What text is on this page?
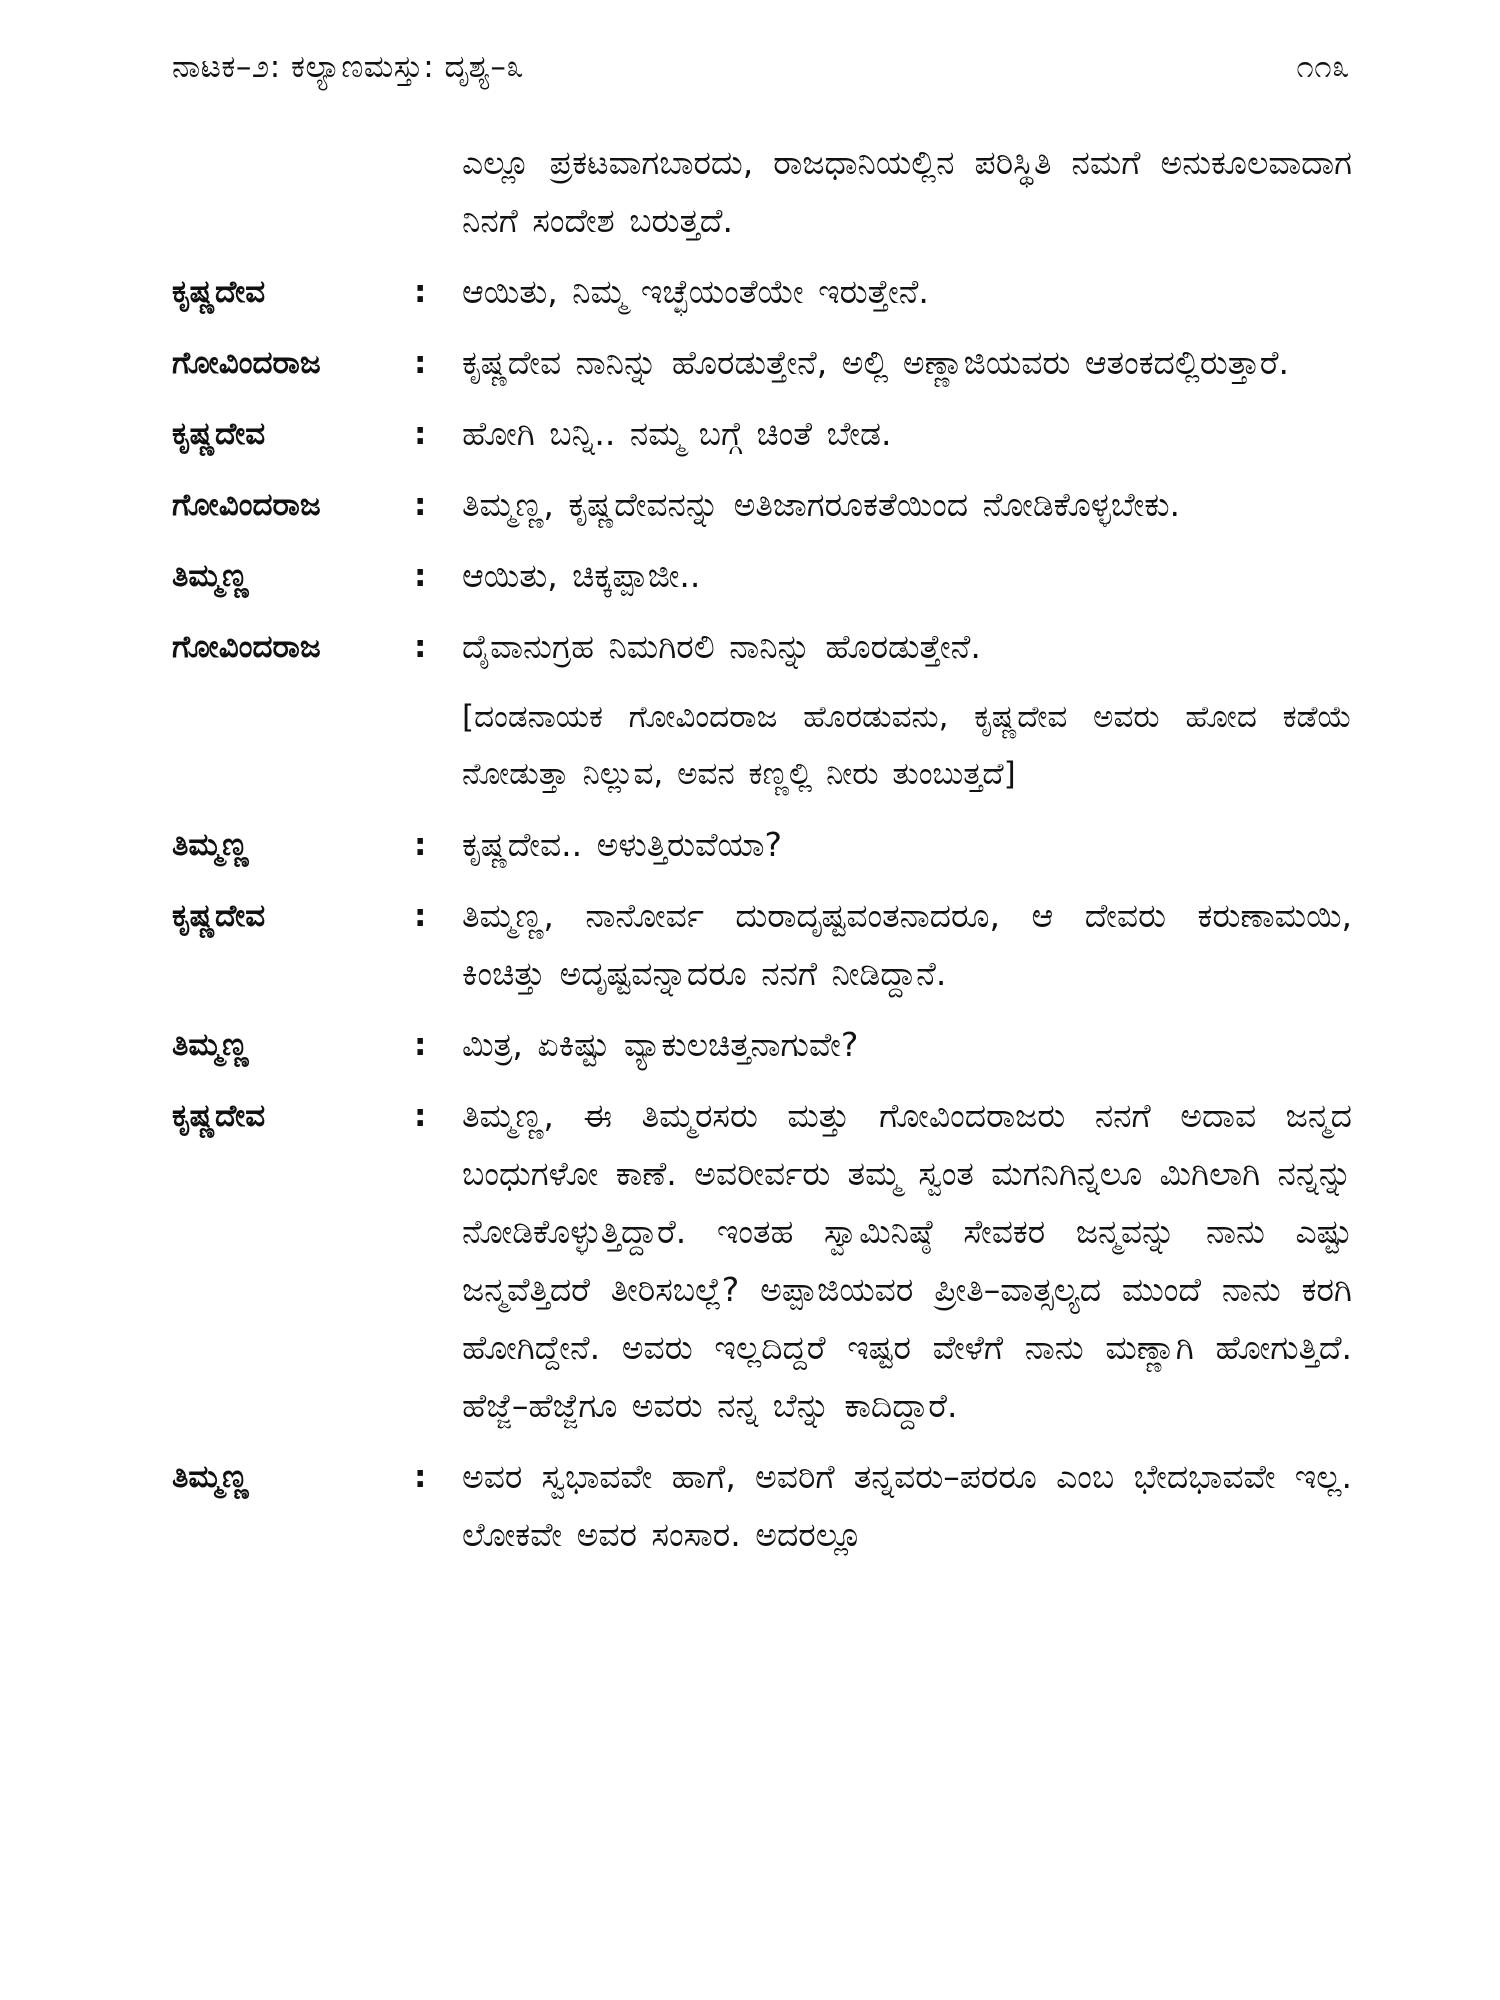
ನಾಟಕ–೨: ಕಲ್ಯಾಣಮಸ್ತು: ದೃಶ್ಯ–೩	೧೧೩
ಎಲ್ಲೂ ಪ್ರಕಟವಾಗಬಾರದು, ರಾಜಧಾನಿಯಲ್ಲಿನ ಪರಿಸ್ಥಿತಿ ನಮಗೆ ಅನುಕೂಲವಾದಾಗ ನಿನಗೆ ಸಂದೇಶ ಬರುತ್ತದೆ.
ಕೃಷ್ಣದೇವ	:	ಆಯಿತು, ನಿಮ್ಮ ಇಚ್ಛೆಯಂತೆಯೇ ಇರುತ್ತೇನೆ.
ಗೋವಿಂದರಾಜ	:	ಕೃಷ್ಣದೇವ ನಾನಿನ್ನು ಹೊರಡುತ್ತೇನೆ, ಅಲ್ಲಿ ಅಣ್ಣಾಜಿಯವರು ಆತಂಕದಲ್ಲಿರುತ್ತಾರೆ.
ಕೃಷ್ಣದೇವ	:	ಹೋಗಿ ಬನ್ನಿ.. ನಮ್ಮ ಬಗ್ಗೆ ಚಿಂತೆ ಬೇಡ.
ಗೋವಿಂದರಾಜ	:	ತಿಮ್ಮಣ್ಣ, ಕೃಷ್ಣದೇವನನ್ನು ಅತಿಜಾಗರೂಕತೆಯಿಂದ ನೋಡಿಕೊಳ್ಳಬೇಕು.
ತಿಮ್ಮಣ್ಣ	:	ಆಯಿತು, ಚಿಕ್ಕಪ್ಪಾಜೀ..
ಗೋವಿಂದರಾಜ	:	ದೈವಾನುಗ್ರಹ ನಿಮಗಿರಲಿ ನಾನಿನ್ನು ಹೊರಡುತ್ತೇನೆ.
[ದಂಡನಾಯಕ ಗೋವಿಂದರಾಜ ಹೊರಡುವನು, ಕೃಷ್ಣದೇವ ಅವರು ಹೋದ ಕಡೆಯೆ ನೋಡುತ್ತಾ ನಿಲ್ಲುವ, ಅವನ ಕಣ್ಣಲ್ಲಿ ನೀರು ತುಂಬುತ್ತದೆ]
ತಿಮ್ಮಣ್ಣ	:	ಕೃಷ್ಣದೇವ.. ಅಳುತ್ತಿರುವೆಯಾ?
ಕೃಷ್ಣದೇವ	:	ತಿಮ್ಮಣ್ಣ, ನಾನೋರ್ವ ದುರಾದೃಷ್ಟವಂತನಾದರೂ, ಆ ದೇವರು ಕರುಣಾಮಯಿ, ಕಿಂಚಿತ್ತು ಅದೃಷ್ಟವನ್ನಾದರೂ ನನಗೆ ನೀಡಿದ್ದಾನೆ.
ತಿಮ್ಮಣ್ಣ	:	ಮಿತ್ರ, ಏಕಿಷ್ಟು ವ್ಯಾಕುಲಚಿತ್ತನಾಗುವೇ?
ಕೃಷ್ಣದೇವ	:	ತಿಮ್ಮಣ್ಣ, ಈ ತಿಮ್ಮರಸರು ಮತ್ತು ಗೋವಿಂದರಾಜರು ನನಗೆ ಅದಾವ ಜನ್ಮದ ಬಂಧುಗಳೋ ಕಾಣೆ. ಅವರೀರ್ವರು ತಮ್ಮ ಸ್ವಂತ ಮಗನಿಗಿನ್ನಲೂ ಮಿಗಿಲಾಗಿ ನನ್ನನ್ನು ನೋಡಿಕೊಳ್ಳುತ್ತಿದ್ದಾರೆ. ಇಂತಹ ಸ್ವಾಮಿನಿಷ್ಠೆ ಸೇವಕರ ಜನ್ಮವನ್ನು ನಾನು ಎಷ್ಟು ಜನ್ಮವೆತ್ತಿದರೆ ತೀರಿಸಬಲ್ಲೆ? ಅಪ್ಪಾಜಿಯವರ ಪ್ರೀತಿ–ವಾತ್ಸಲ್ಯದ ಮುಂದೆ ನಾನು ಕರಗಿ ಹೋಗಿದ್ದೇನೆ. ಅವರು ಇಲ್ಲದಿದ್ದರೆ ಇಷ್ಟರ ವೇಳೆಗೆ ನಾನು ಮಣ್ಣಾಗಿ ಹೋಗುತ್ತಿದೆ. ಹೆಜ್ಜೆ–ಹೆಜ್ಜೆಗೂ ಅವರು ನನ್ನ ಬೆನ್ನು ಕಾದಿದ್ದಾರೆ.
ತಿಮ್ಮಣ್ಣ	:	ಅವರ ಸ್ವಭಾವವೇ ಹಾಗೆ, ಅವರಿಗೆ ತನ್ನವರು–ಪರರೂ ಎಂಬ ಭೇದಭಾವವೇ ಇಲ್ಲ. ಲೋಕವೇ ಅವರ ಸಂಸಾರ. ಅದರಲ್ಲೂ
